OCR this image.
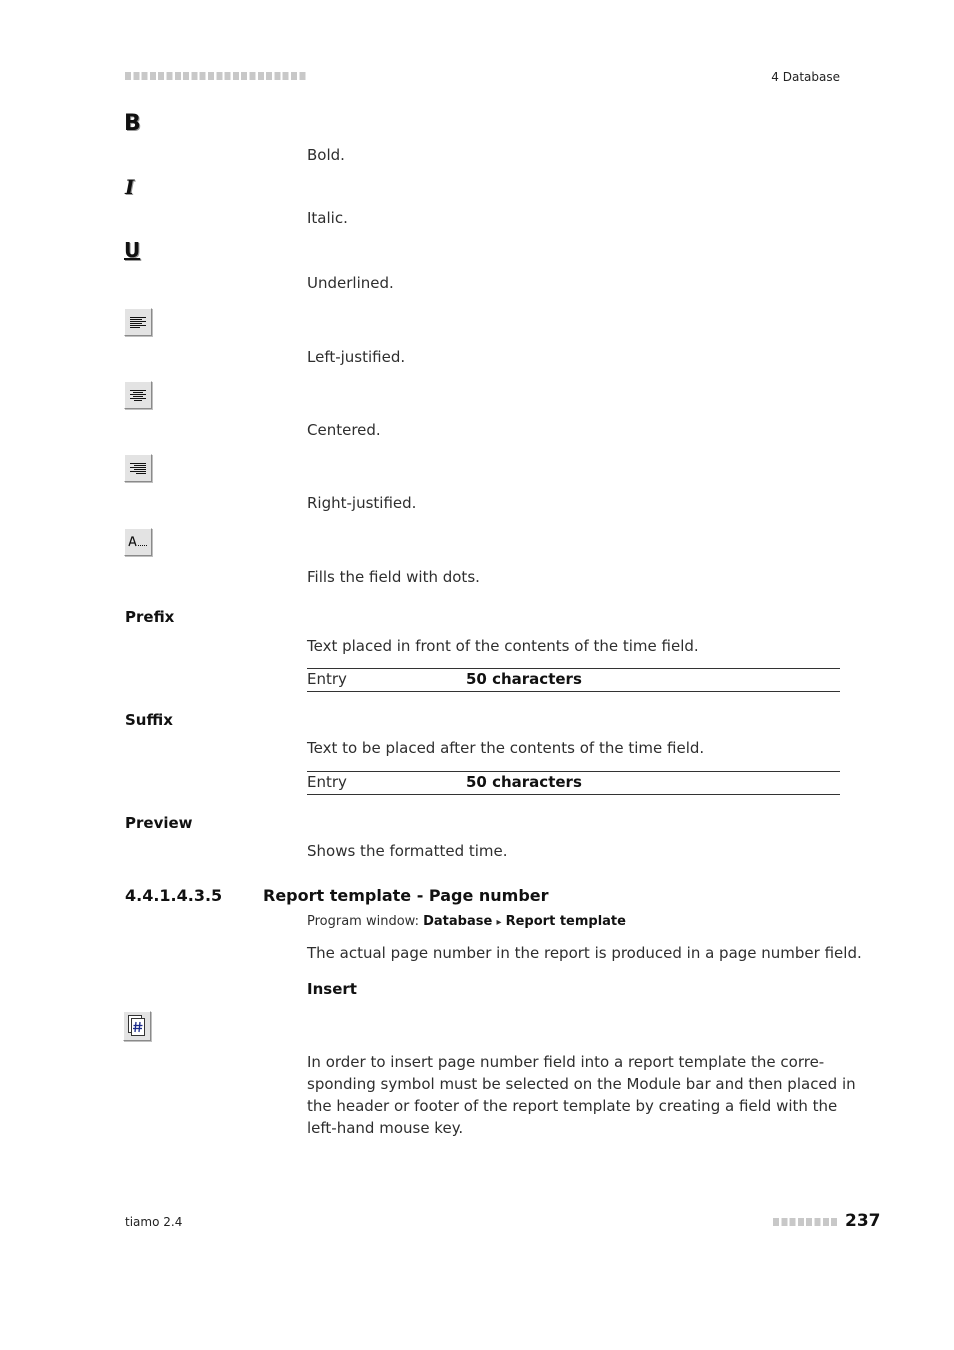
4 Database
B
Bold.
I
Italic.
U
Underlined.
Left-justified.
Centered.
Right-justified.
Fills the field with dots.
Prefix
Text placed in front of the contents of the time field.
Entry	50 characters
Suffix
Text to be placed after the contents of the time field.
Entry	50 characters
Preview
Shows the formatted time.
4.4.1.4.3.5	Report template - Page number
Program window: Database ▸ Report template
The actual page number in the report is produced in a page number field.
Insert
In order to insert page number field into a report template the corre-
sponding symbol must be selected on the Module bar and then placed in
the header or footer of the report template by creating a field with the
left-hand mouse key.
tiamo 2.4	237
